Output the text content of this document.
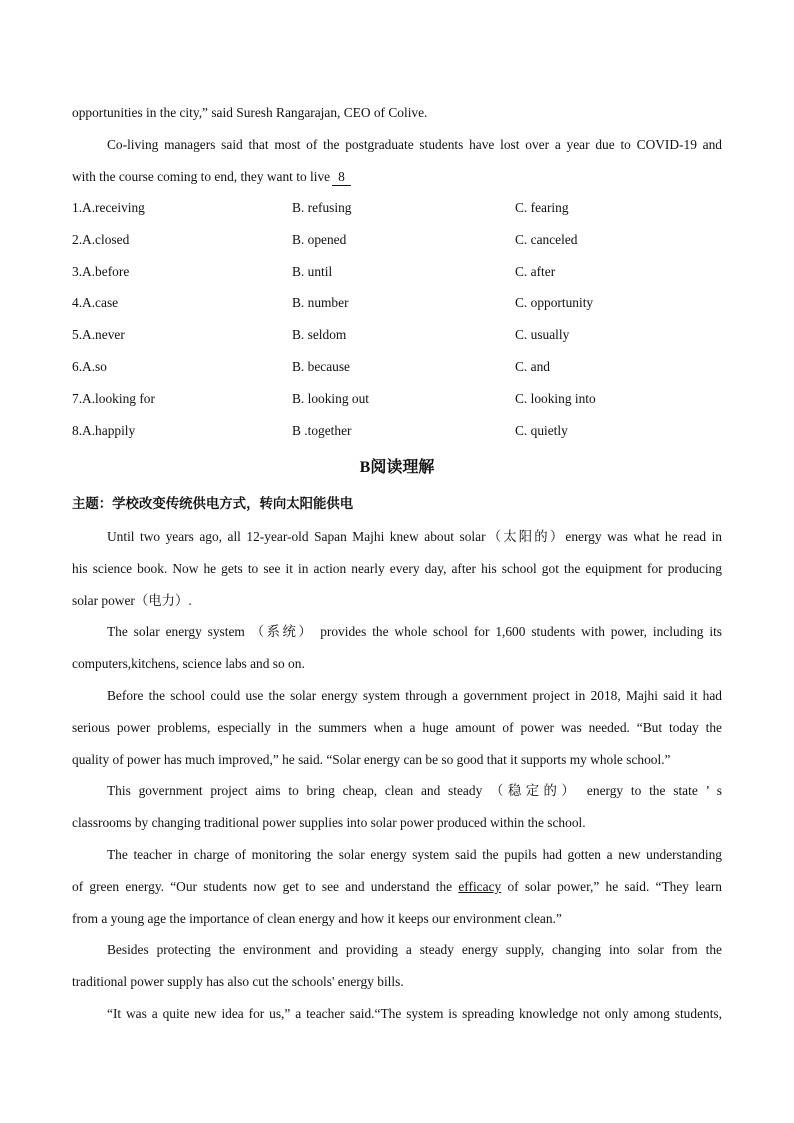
opportunities in the city,” said Suresh Rangarajan, CEO of Colive.
Co-living managers said that most of the postgraduate students have lost over a year due to COVID-19 and
with the course coming to end, they want to live 8
1.A.receiving	B. refusing	C. fearing
2.A.closed	B. opened	C. canceled
3.A.before	B. until	C. after
4.A.case	B. number	C. opportunity
5.A.never	B. seldom	C. usually
6.A.so	B. because	C. and
7.A.looking for	B. looking out	C. looking into
8.A.happily	B .together	C. quietly
B阅读理解
主题：学校改变传统供电方式，转向太阳能供电
Until two years ago, all 12-year-old Sapan Majhi knew about solar（太阳的）energy was what he read in
his science book. Now he gets to see it in action nearly every day, after his school got the equipment for producing
solar power（电力）.
The solar energy system （系统） provides the whole school for 1,600 students with power, including its
computers,kitchens, science labs and so on.
Before the school could use the solar energy system through a government project in 2018, Majhi said it had
serious power problems, especially in the summers when a huge amount of power was needed. “But today the
quality of power has much improved,” he said. “Solar energy can be so good that it supports my whole school.”
This government project aims to bring cheap, clean and steady （稳定的） energy to the state ’ s
classrooms by changing traditional power supplies into solar power produced within the school.
The teacher in charge of monitoring the solar energy system said the pupils had gotten a new understanding
of green energy. “Our students now get to see and understand the efficacy of solar power,” he said. “They learn
from a young age the importance of clean energy and how it keeps our environment clean.”
Besides protecting the environment and providing a steady energy supply, changing into solar from the
traditional power supply has also cut the schools' energy bills.
“It was a quite new idea for us,” a teacher said.“The system is spreading knowledge not only among students,
